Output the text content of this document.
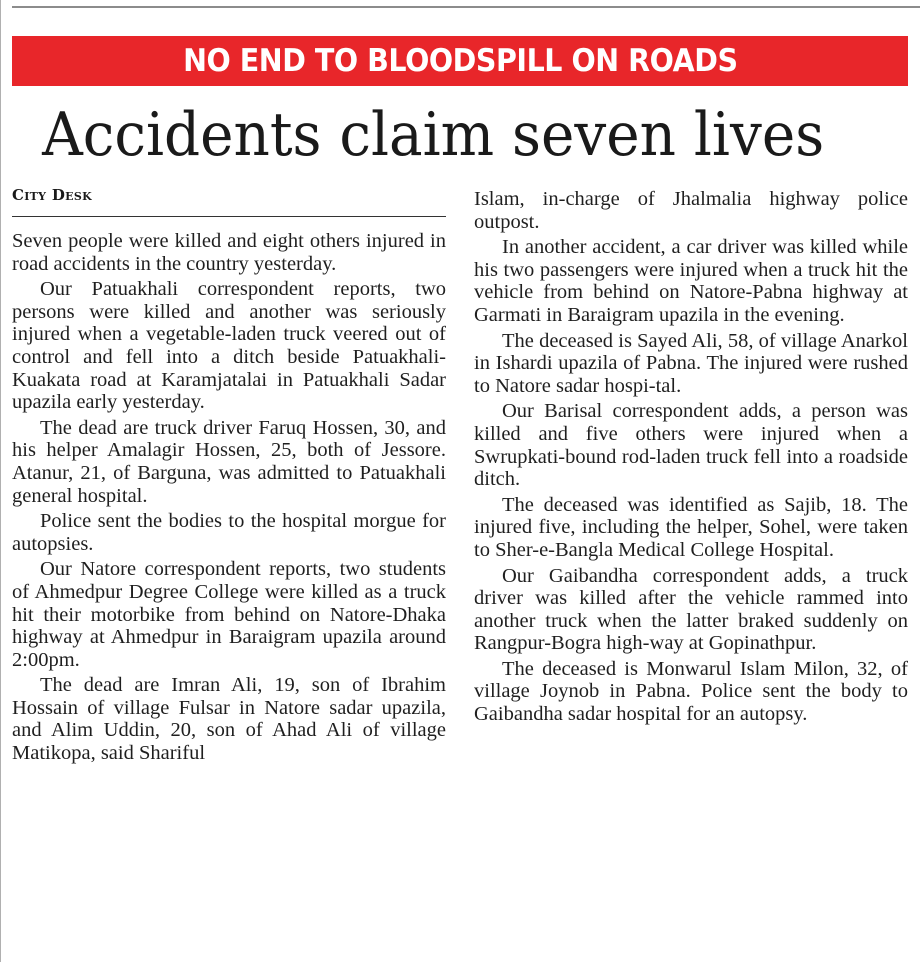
NO END TO BLOODSPILL ON ROADS
Accidents claim seven lives
City Desk

Seven people were killed and eight others injured in road accidents in the country yesterday.

Our Patuakhali correspondent reports, two persons were killed and another was seriously injured when a vegetable-laden truck veered out of control and fell into a ditch beside Patuakhali-Kuakata road at Karamjatalai in Patuakhali Sadar upazila early yesterday.

The dead are truck driver Faruq Hossen, 30, and his helper Amalagir Hossen, 25, both of Jessore. Atanur, 21, of Barguna, was admitted to Patuakhali general hospital.

Police sent the bodies to the hospital morgue for autopsies.

Our Natore correspondent reports, two students of Ahmedpur Degree College were killed as a truck hit their motorbike from behind on Natore-Dhaka highway at Ahmedpur in Baraigram upazila around 2:00pm.

The dead are Imran Ali, 19, son of Ibrahim Hossain of village Fulsar in Natore sadar upazila, and Alim Uddin, 20, son of Ahad Ali of village Matikopa, said Shariful

Islam, in-charge of Jhalmalia highway police outpost.

In another accident, a car driver was killed while his two passengers were injured when a truck hit the vehicle from behind on Natore-Pabna highway at Garmati in Baraigram upazila in the evening.

The deceased is Sayed Ali, 58, of village Anarkol in Ishardi upazila of Pabna. The injured were rushed to Natore sadar hospi-tal.

Our Barisal correspondent adds, a person was killed and five others were injured when a Swrupkati-bound rod-laden truck fell into a roadside ditch.

The deceased was identified as Sajib, 18. The injured five, including the helper, Sohel, were taken to Sher-e-Bangla Medical College Hospital.

Our Gaibandha correspondent adds, a truck driver was killed after the vehicle rammed into another truck when the latter braked suddenly on Rangpur-Bogra high-way at Gopinathpur.

The deceased is Monwarul Islam Milon, 32, of village Joynob in Pabna. Police sent the body to Gaibandha sadar hospital for an autopsy.
